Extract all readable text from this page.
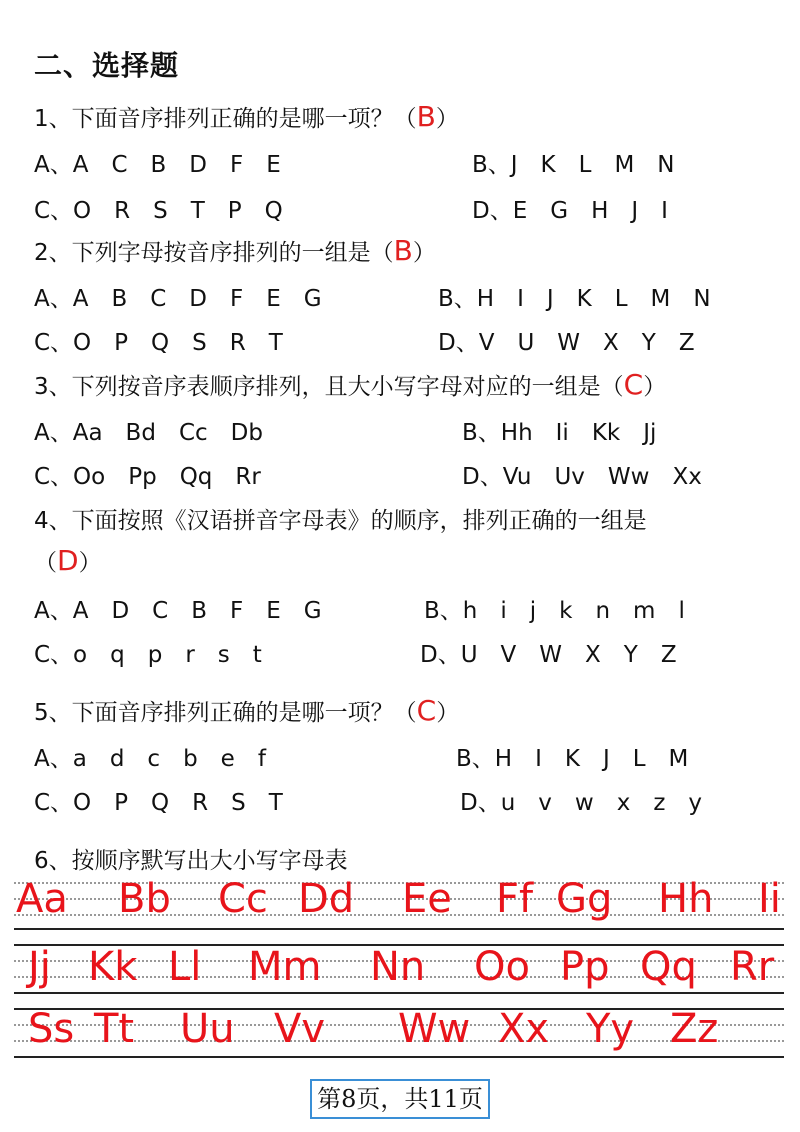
二、选择题
1、下面音序排列正确的是哪一项？（B）
A、A　C　B　D　F　E	B、J　K　L　M　N
C、O　R　S　T　P　Q	D、E　G　H　J　I
2、下列字母按音序排列的一组是（B）
A、A　B　C　D　F　E　G	B、H　I　J　K　L　M　N
C、O　P　Q　S　R　T	D、V　U　W　X　Y　Z
3、下列按音序表顺序排列，且大小写字母对应的一组是（C）
A、Aa　Bd　Cc　Db	B、Hh　Ii　Kk　Jj
C、Oo　Pp　Qq　Rr	D、Vu　Uv　Ww　Xx
4、下面按照《汉语拼音字母表》的顺序，排列正确的一组是
（D）
A、A　D　C　B　F　E　G	B、h　i　j　k　n　m　l
C、o　q　p　r　s　t	D、U　V　W　X　Y　Z
5、下面音序排列正确的是哪一项？（C）
A、a　d　c　b　e　f	B、H　I　K　J　L　M
C、O　P　Q　R　S　T	D、u　v　w　x　z　y
6、按顺序默写出大小写字母表
Aa Bb Cc Dd Ee Ff Gg Hh Ii
Jj Kk Ll Mm Nn Oo Pp Qq Rr
Ss Tt Uu Vv Ww Xx Yy Zz
第8页，共11页
